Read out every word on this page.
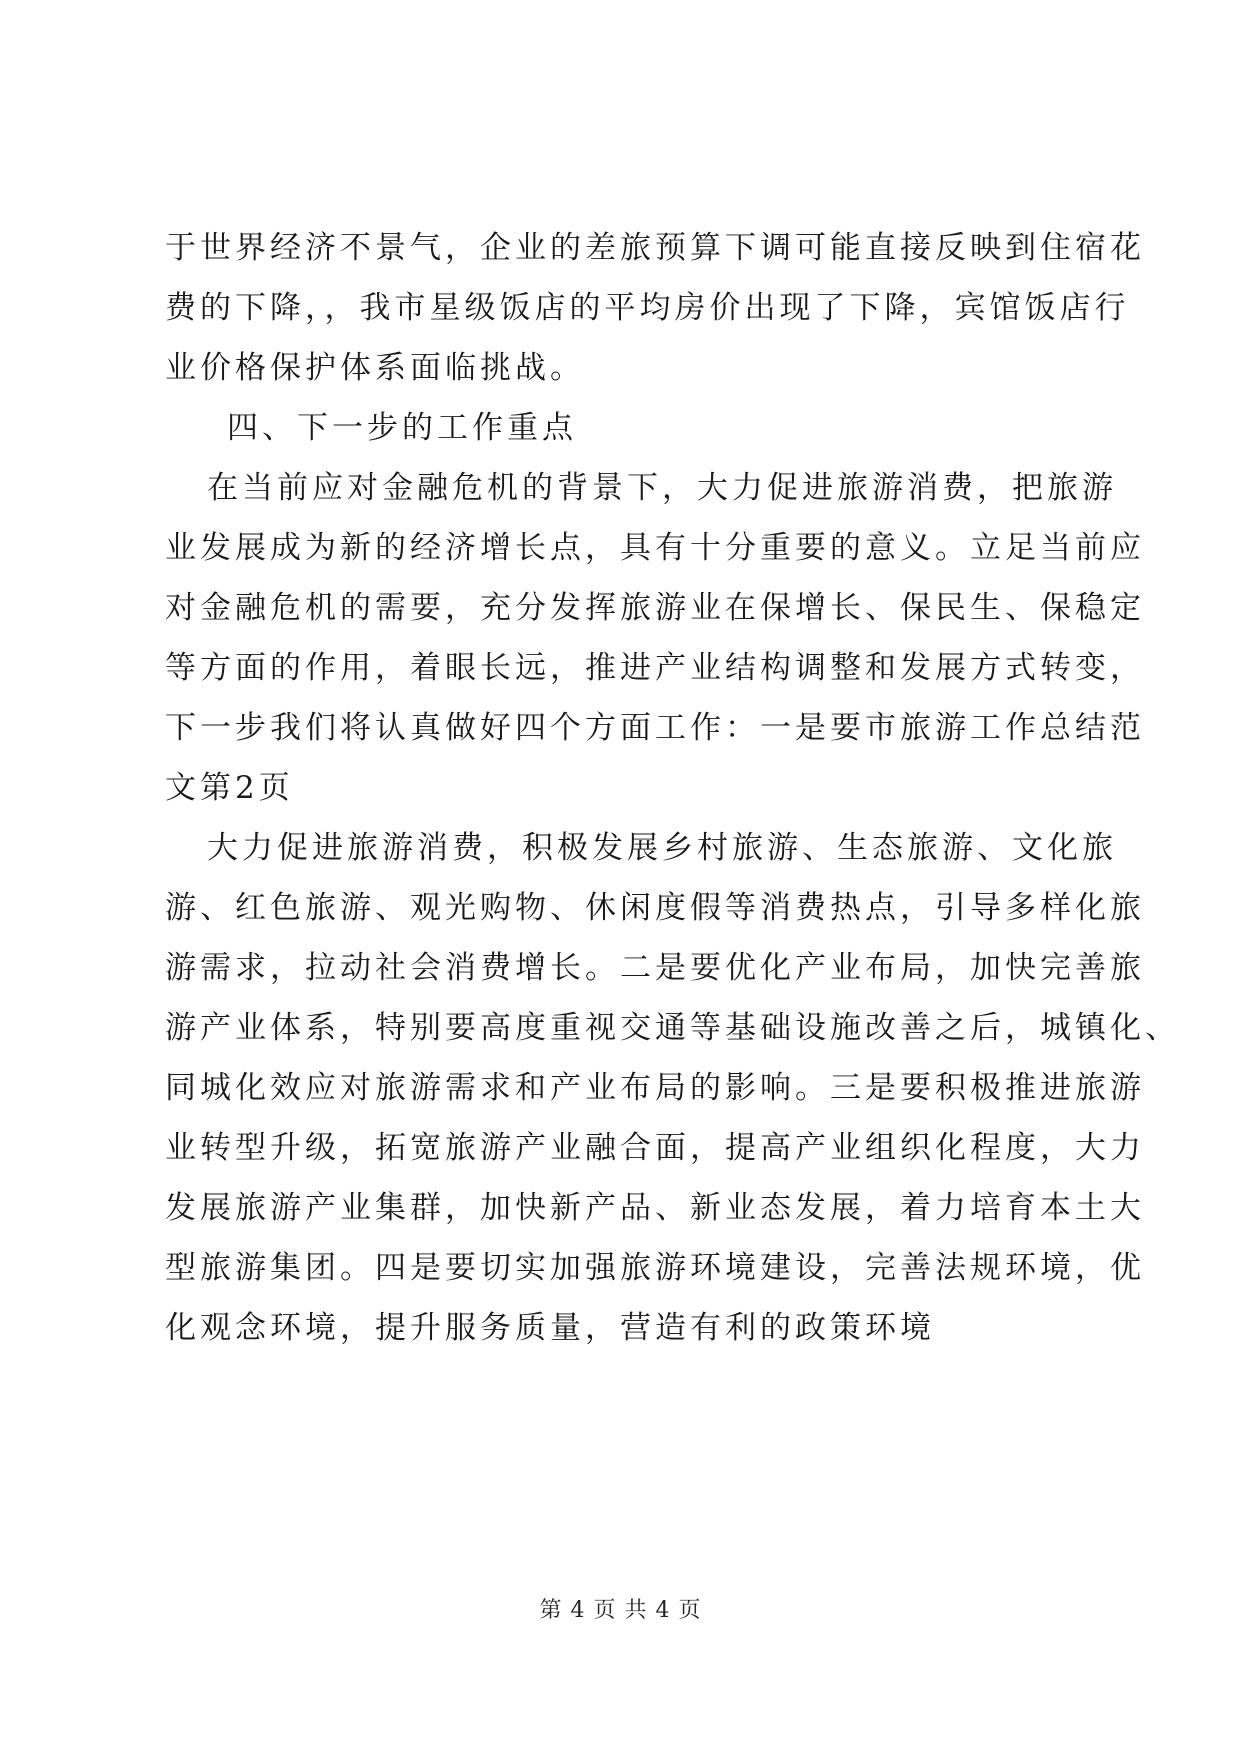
于世界经济不景气，企业的差旅预算下调可能直接反映到住宿花
费的下降，，我市星级饭店的平均房价出现了下降，宾馆饭店行
业价格保护体系面临挑战。
四、下一步的工作重点
在当前应对金融危机的背景下，大力促进旅游消费，把旅游
业发展成为新的经济增长点，具有十分重要的意义。立足当前应
对金融危机的需要，充分发挥旅游业在保增长、保民生、保稳定
等方面的作用，着眼长远，推进产业结构调整和发展方式转变，
下一步我们将认真做好四个方面工作：一是要市旅游工作总结范
文第2页
大力促进旅游消费，积极发展乡村旅游、生态旅游、文化旅
游、红色旅游、观光购物、休闲度假等消费热点，引导多样化旅
游需求，拉动社会消费增长。二是要优化产业布局，加快完善旅
游产业体系，特别要高度重视交通等基础设施改善之后，城镇化、
同城化效应对旅游需求和产业布局的影响。三是要积极推进旅游
业转型升级，拓宽旅游产业融合面，提高产业组织化程度，大力
发展旅游产业集群，加快新产品、新业态发展，着力培育本土大
型旅游集团。四是要切实加强旅游环境建设，完善法规环境，优
化观念环境，提升服务质量，营造有利的政策环境
第 4 页 共 4 页
